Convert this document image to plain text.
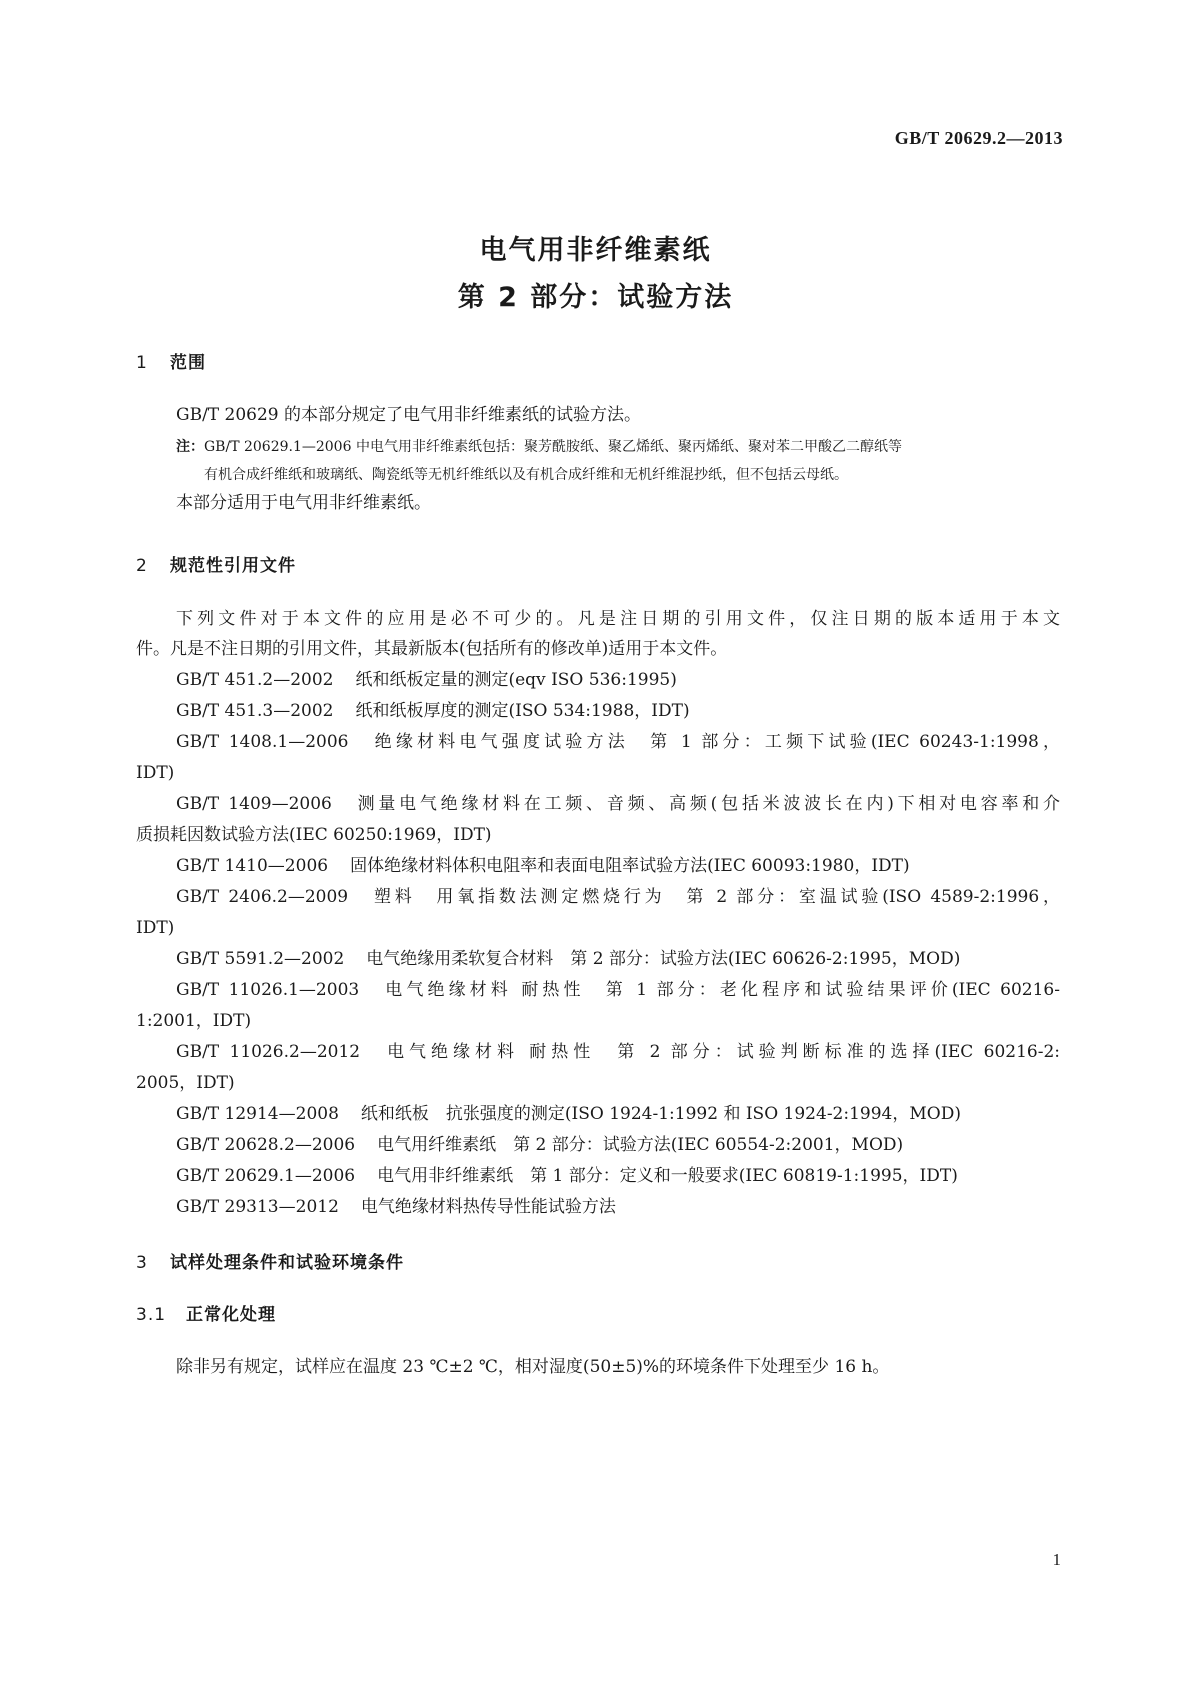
GB/T 20629.2—2013
电气用非纤维素纸
第 2 部分：试验方法
1 范围
GB/T 20629 的本部分规定了电气用非纤维素纸的试验方法。
注：GB/T 20629.1—2006 中电气用非纤维素纸包括：聚芳酰胺纸、聚乙烯纸、聚丙烯纸、聚对苯二甲酸乙二醇纸等
有机合成纤维纸和玻璃纸、陶瓷纸等无机纤维纸以及有机合成纤维和无机纤维混抄纸，但不包括云母纸。
本部分适用于电气用非纤维素纸。
2 规范性引用文件
下列文件对于本文件的应用是必不可少的。凡是注日期的引用文件，仅注日期的版本适用于本文
件。凡是不注日期的引用文件，其最新版本(包括所有的修改单)适用于本文件。
GB/T 451.2—2002 纸和纸板定量的测定(eqv ISO 536:1995)
GB/T 451.3—2002 纸和纸板厚度的测定(ISO 534:1988，IDT)
GB/T 1408.1—2006 绝缘材料电气强度试验方法　第 1 部分：工频下试验(IEC 60243-1:1998，
IDT)
GB/T 1409—2006 测量电气绝缘材料在工频、音频、高频(包括米波波长在内)下相对电容率和介
质损耗因数试验方法(IEC 60250:1969，IDT)
GB/T 1410—2006 固体绝缘材料体积电阻率和表面电阻率试验方法(IEC 60093:1980，IDT)
GB/T 2406.2—2009 塑料　用氧指数法测定燃烧行为　第 2 部分：室温试验(ISO 4589-2:1996，
IDT)
GB/T 5591.2—2002 电气绝缘用柔软复合材料　第 2 部分：试验方法(IEC 60626-2:1995，MOD)
GB/T 11026.1—2003 电气绝缘材料 耐热性　第 1 部分：老化程序和试验结果评价(IEC 60216-
1:2001，IDT)
GB/T 11026.2—2012 电气绝缘材料 耐热性　第 2 部分：试验判断标准的选择(IEC 60216-2:
2005，IDT)
GB/T 12914—2008 纸和纸板　抗张强度的测定(ISO 1924-1:1992 和 ISO 1924-2:1994，MOD)
GB/T 20628.2—2006 电气用纤维素纸　第 2 部分：试验方法(IEC 60554-2:2001，MOD)
GB/T 20629.1—2006 电气用非纤维素纸　第 1 部分：定义和一般要求(IEC 60819-1:1995，IDT)
GB/T 29313—2012 电气绝缘材料热传导性能试验方法
3 试样处理条件和试验环境条件
3.1 正常化处理
除非另有规定，试样应在温度 23 ℃±2 ℃，相对湿度(50±5)%的环境条件下处理至少 16 h。
1
